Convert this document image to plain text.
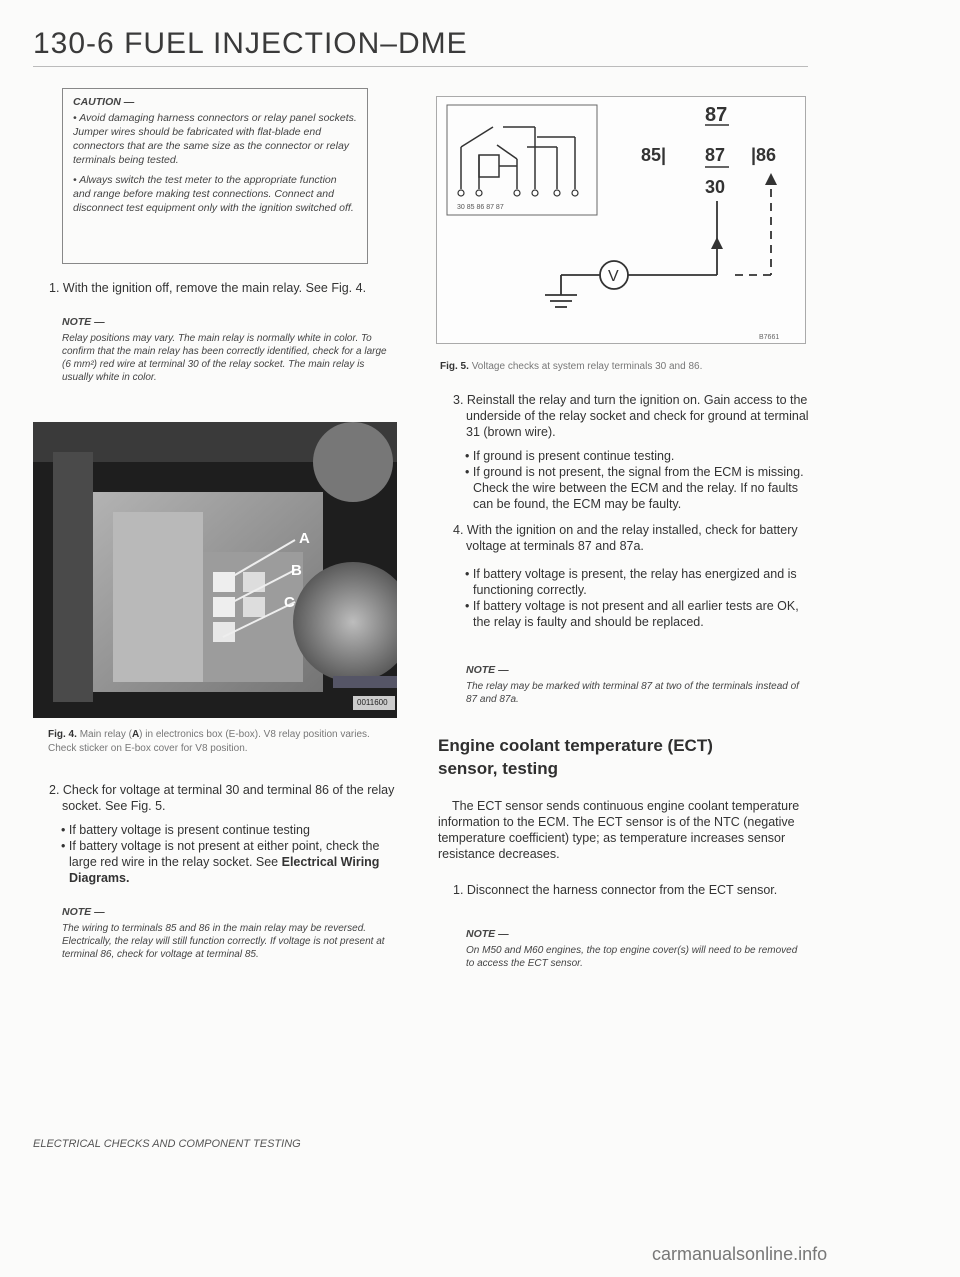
130-6 FUEL INJECTION–DME
CAUTION —

• Avoid damaging harness connectors or relay panel sockets. Jumper wires should be fabricated with flat-blade end connectors that are the same size as the connector or relay terminals being tested.

• Always switch the test meter to the appropriate function and range before making test connections. Connect and disconnect test equipment only with the ignition switched off.

1. With the ignition off, remove the main relay. See Fig. 4.

NOTE —

Relay positions may vary. The main relay is normally white in color. To confirm that the main relay has been correctly identified, check for a large (6 mm²) red wire at terminal 30 of the relay socket. The main relay is usually white in color.

A
B
C
0011600
Fig. 4. Main relay (A) in electronics box (E-box). V8 relay position varies. Check sticker on E-box cover for V8 position.

2. Check for voltage at terminal 30 and terminal 86 of the relay socket. See Fig. 5.

• If battery voltage is present continue testing

• If battery voltage is not present at either point, check the large red wire in the relay socket. See Electrical Wiring Diagrams.

NOTE —

The wiring to terminals 85 and 86 in the main relay may be reversed. Electrically, the relay will still function correctly. If voltage is not present at terminal 86, check for voltage at terminal 85.

30 85 86 87 87
87
85| 87 |86
30
V
B7661
Fig. 5. Voltage checks at system relay terminals 30 and 86.

3. Reinstall the relay and turn the ignition on. Gain access to the underside of the relay socket and check for ground at terminal 31 (brown wire).

• If ground is present continue testing.

• If ground is not present, the signal from the ECM is missing. Check the wire between the ECM and the relay. If no faults can be found, the ECM may be faulty.

4. With the ignition on and the relay installed, check for battery voltage at terminals 87 and 87a.

• If battery voltage is present, the relay has energized and is functioning correctly.

• If battery voltage is not present and all earlier tests are OK, the relay is faulty and should be replaced.

NOTE —

The relay may be marked with terminal 87 at two of the terminals instead of 87 and 87a.

Engine coolant temperature (ECT) sensor, testing
The ECT sensor sends continuous engine coolant temperature information to the ECM. The ECT sensor is of the NTC (negative temperature coefficient) type; as temperature increases sensor resistance decreases.

1. Disconnect the harness connector from the ECT sensor.

NOTE —

On M50 and M60 engines, the top engine cover(s) will need to be removed to access the ECT sensor.

ELECTRICAL CHECKS AND COMPONENT TESTING
carmanualsonline.info
